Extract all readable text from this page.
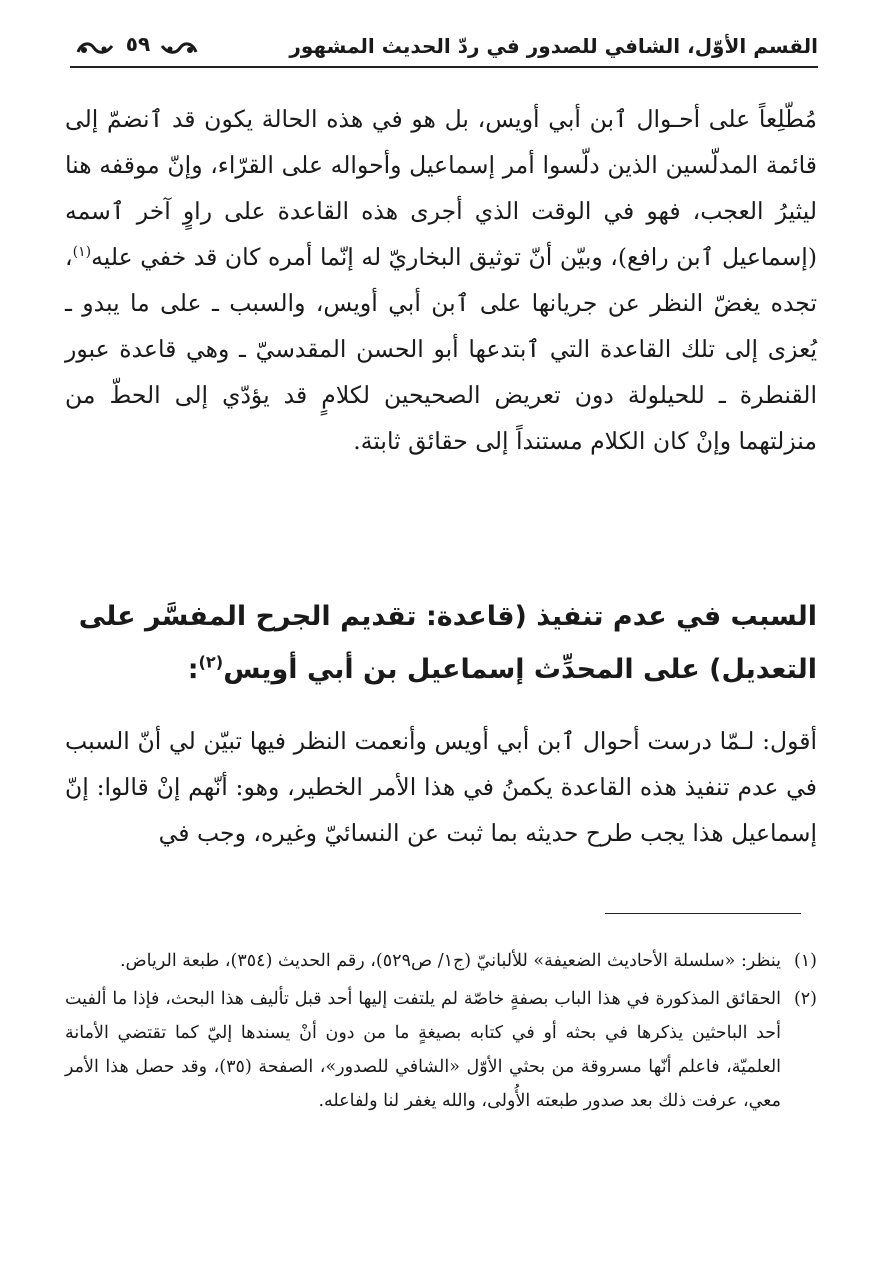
القسم الأوّل، الشافي للصدور في ردّ الحديث المشهور
٥٩

مُطّلِعاً على أحـوال ٱبن أبي أويس، بل هو في هذه الحالة يكون قد ٱنضمّ إلى قائمة المدلّسين الذين دلّسوا أمر إسماعيل وأحواله على القرّاء، وإنّ موقفه هنا ليثيرُ العجب، فهو في الوقت الذي أجرى هذه القاعدة على راوٍ آخر ٱسمه (إسماعيل ٱبن رافع)، وبيّن أنّ توثيق البخاريّ له إنّما أمره كان قد خفي عليه$^{(١)}$، تجده يغضّ النظر عن جريانها على ٱبن أبي أويس، والسبب ـ على ما يبدو ـ يُعزى إلى تلك القاعدة التي ٱبتدعها أبو الحسن المقدسيّ ـ وهي قاعدة عبور القنطرة ـ للحيلولة دون تعريض الصحيحين لكلامٍ قد يؤدّي إلى الحطّ من منزلتهما وإنْ كان الكلام مستنداً إلى حقائق ثابتة.

السبب في عدم تنفيذ (قاعدة: تقديم الجرح المفسَّر على التعديل) على المحدِّث إسماعيل بن أبي أويس$^{(٢)}$:

أقول: لـمّا درست أحوال ٱبن أبي أويس وأنعمت النظر فيها تبيّن لي أنّ السبب في عدم تنفيذ هذه القاعدة يكمنُ في هذا الأمر الخطير، وهو: أنّهم إنْ قالوا: إنّ إسماعيل هذا يجب طرح حديثه بما ثبت عن النسائيّ وغيره، وجب في

(١)
ينظر: «سلسلة الأحاديث الضعيفة» للألبانيّ (ج١/ ص٥٢٩)، رقم الحديث (٣٥٤)، طبعة الرياض.

(٢)
الحقائق المذكورة في هذا الباب بصفةٍ خاصّة لم يلتفت إليها أحد قبل تأليف هذا البحث، فإذا ما ألفيت أحد الباحثين يذكرها في بحثه أو في كتابه بصيغةٍ ما من دون أنْ يسندها إليّ كما تقتضي الأمانة العلميّة، فاعلم أنّها مسروقة من بحثي الأوّل «الشافي للصدور»، الصفحة (٣٥)، وقد حصل هذا الأمر معي، عرفت ذلك بعد صدور طبعته الأُولى، والله يغفر لنا ولفاعله.
